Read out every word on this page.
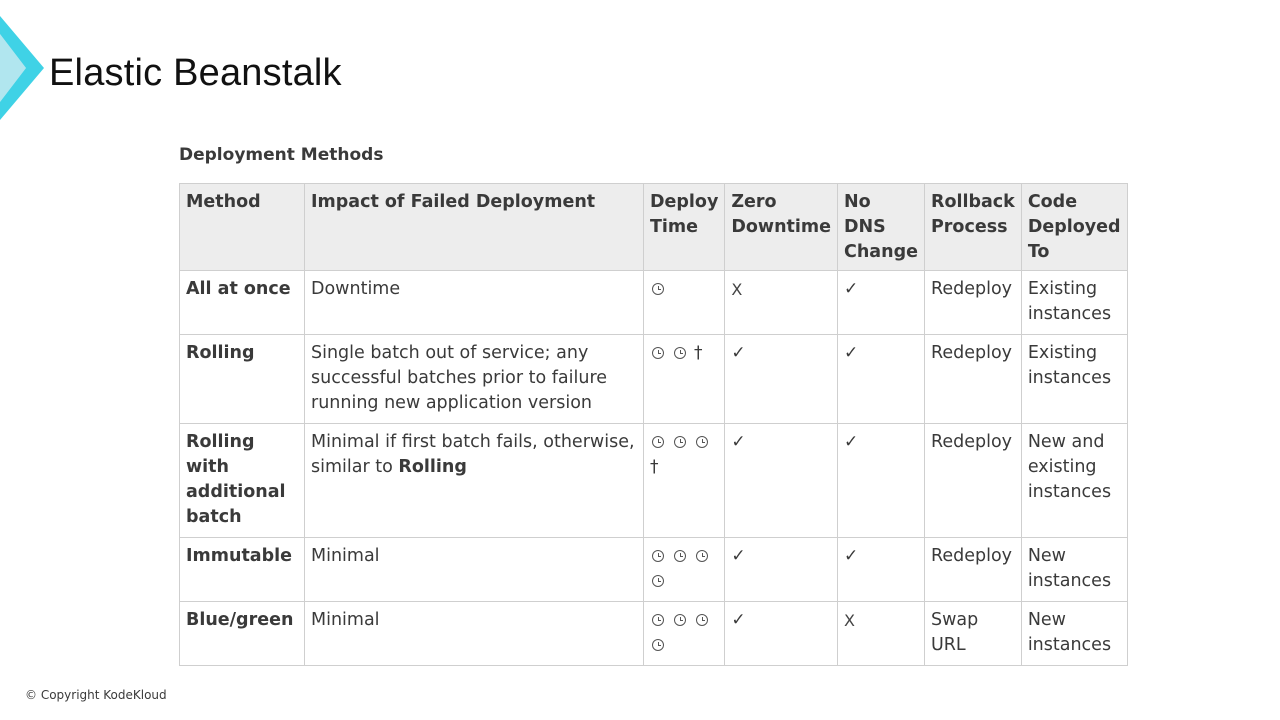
Elastic Beanstalk
Deployment Methods
Method	Impact of Failed Deployment	Deploy Time	Zero Downtime	No DNS Change	Rollback Process	Code Deployed To
All at once	Downtime		X	✓	Redeploy	Existing instances
Rolling	Single batch out of service; any successful batches prior to failure running new application version	†	✓	✓	Redeploy	Existing instances
Rolling with additional batch	Minimal if first batch fails, otherwise, similar to Rolling	†	✓	✓	Redeploy	New and existing instances
Immutable	Minimal		✓	✓	Redeploy	New instances
Blue/green	Minimal		✓	X	Swap URL	New instances
© Copyright KodeKloud
